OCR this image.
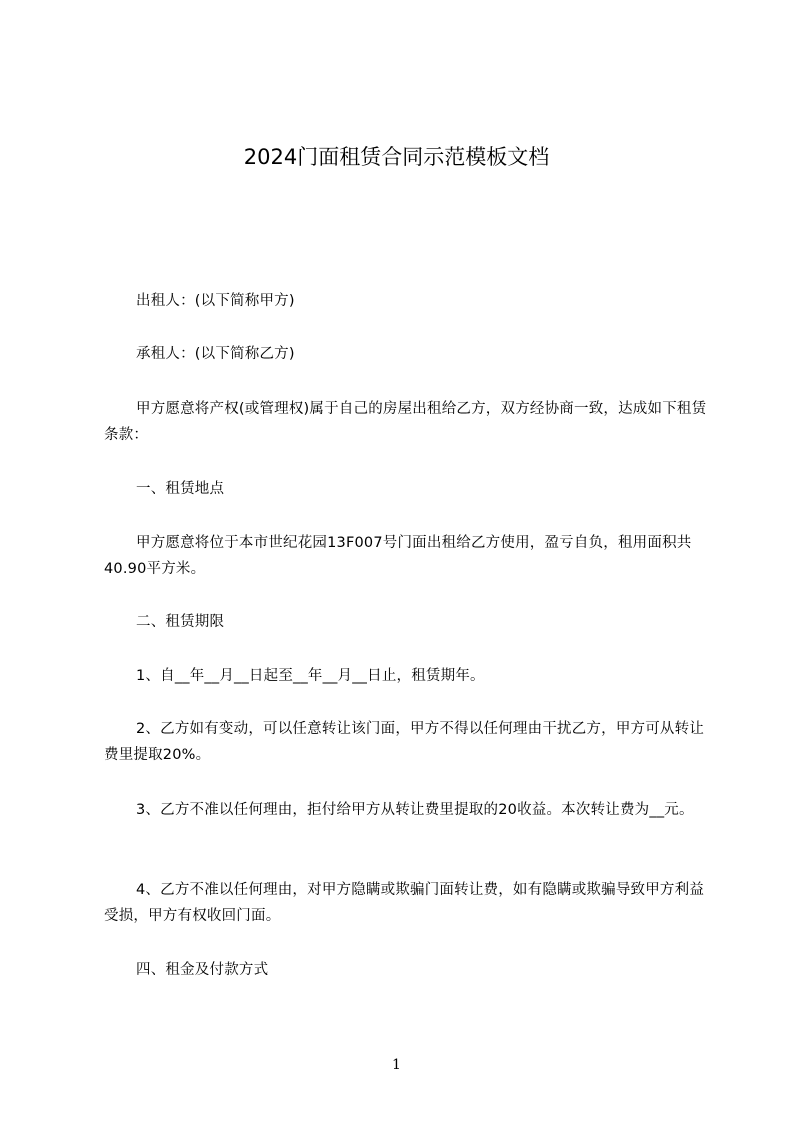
2024门面租赁合同示范模板文档
出租人：(以下简称甲方)
承租人：(以下简称乙方)
甲方愿意将产权(或管理权)属于自己的房屋出租给乙方，双方经协商一致，达成如下租赁条款：
一、租赁地点
甲方愿意将位于本市世纪花园13F007号门面出租给乙方使用，盈亏自负，租用面积共40.90平方米。
二、租赁期限
1、自__年__月__日起至__年__月__日止，租赁期年。
2、乙方如有变动，可以任意转让该门面，甲方不得以任何理由干扰乙方，甲方可从转让费里提取20%。
3、乙方不准以任何理由，拒付给甲方从转让费里提取的20收益。本次转让费为__元。
4、乙方不准以任何理由，对甲方隐瞒或欺骗门面转让费，如有隐瞒或欺骗导致甲方利益受损，甲方有权收回门面。
四、租金及付款方式
1
